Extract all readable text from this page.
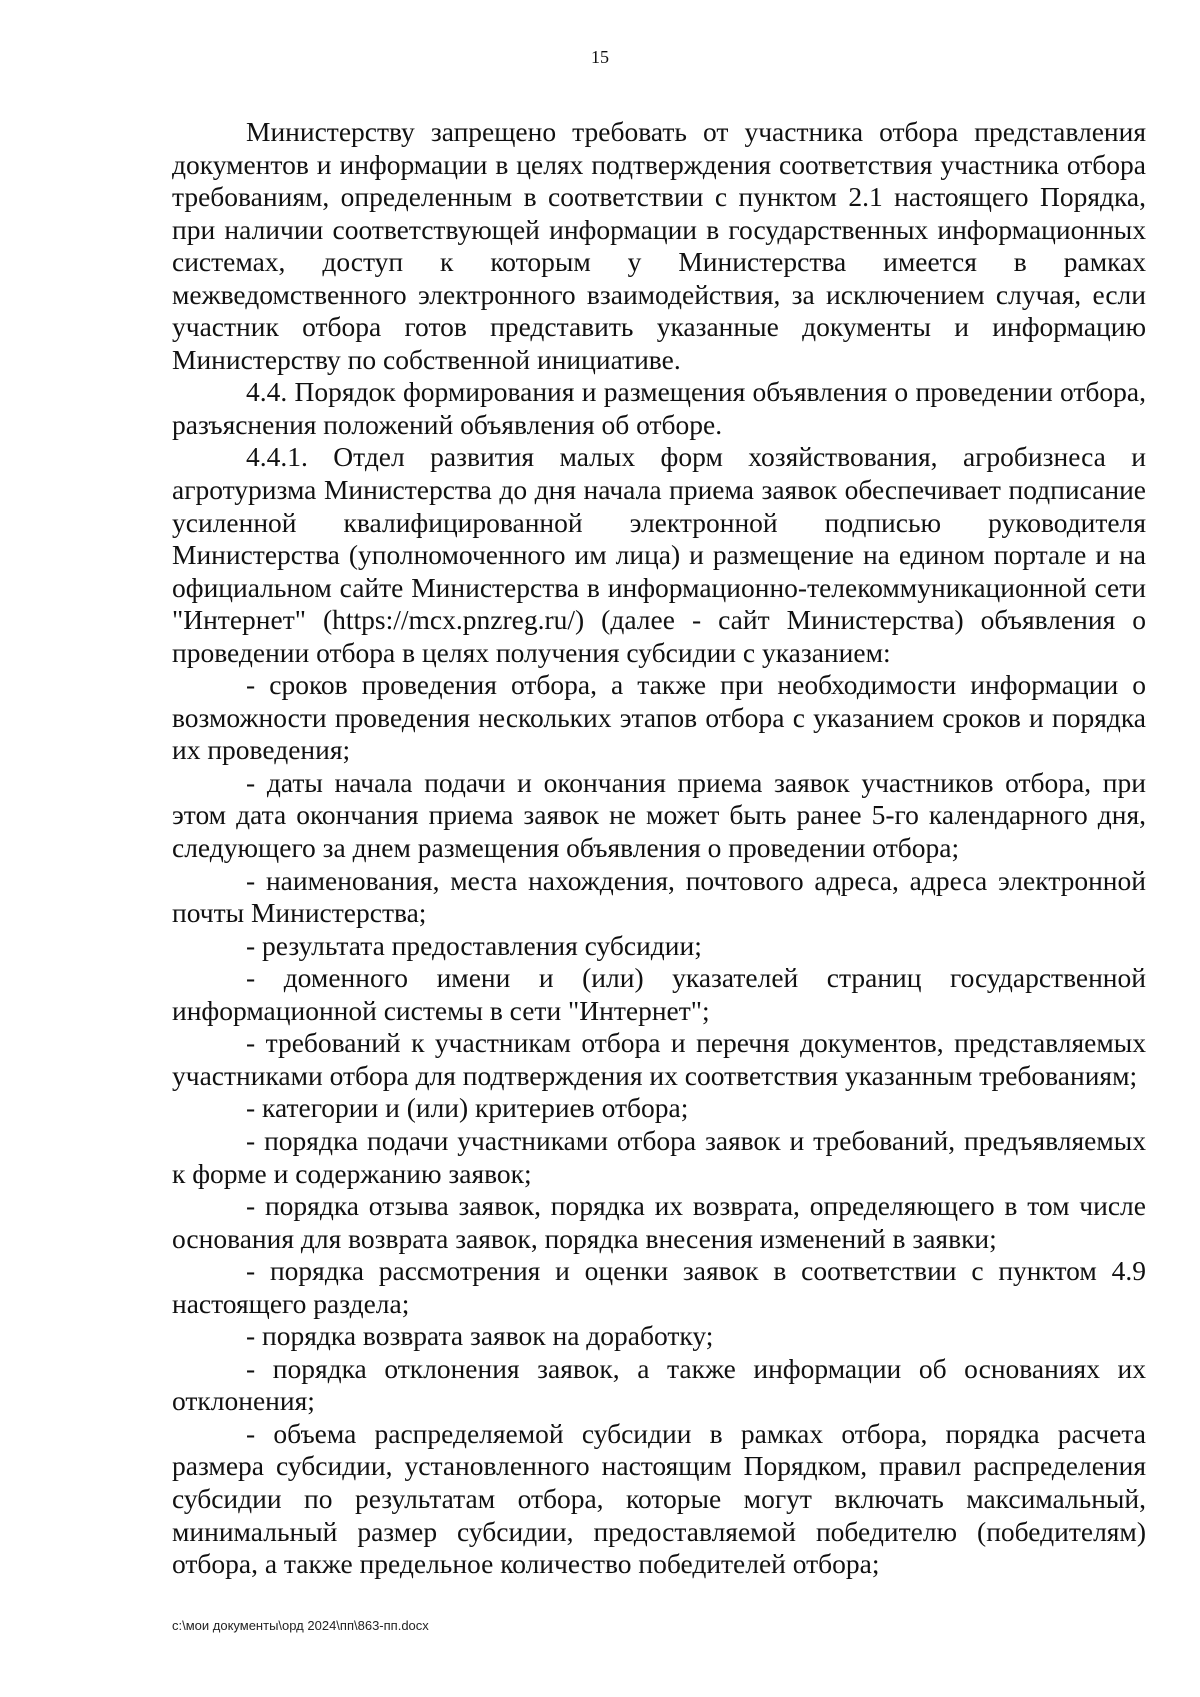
15

Министерству запрещено требовать от участника отбора представления документов и информации в целях подтверждения соответствия участника отбора требованиям, определенным в соответствии с пунктом 2.1 настоящего Порядка, при наличии соответствующей информации в государственных информационных системах, доступ к которым у Министерства имеется в рамках межведомственного электронного взаимодействия, за исключением случая, если участник отбора готов представить указанные документы и информацию Министерству по собственной инициативе.

4.4. Порядок формирования и размещения объявления о проведении отбора, разъяснения положений объявления об отборе.

4.4.1. Отдел развития малых форм хозяйствования, агробизнеса и агротуризма Министерства до дня начала приема заявок обеспечивает подписание усиленной квалифицированной электронной подписью руководителя Министерства (уполномоченного им лица) и размещение на едином портале и на официальном сайте Министерства в информационно-телекоммуникационной сети "Интернет" (https://mcx.pnzreg.ru/) (далее - сайт Министерства) объявления о проведении отбора в целях получения субсидии с указанием:

- сроков проведения отбора, а также при необходимости информации о возможности проведения нескольких этапов отбора с указанием сроков и порядка их проведения;

- даты начала подачи и окончания приема заявок участников отбора, при этом дата окончания приема заявок не может быть ранее 5-го календарного дня, следующего за днем размещения объявления о проведении отбора;

- наименования, места нахождения, почтового адреса, адреса электронной почты Министерства;

- результата предоставления субсидии;

- доменного имени и (или) указателей страниц государственной информационной системы в сети "Интернет";

- требований к участникам отбора и перечня документов, представляемых участниками отбора для подтверждения их соответствия указанным требованиям;

- категории и (или) критериев отбора;

- порядка подачи участниками отбора заявок и требований, предъявляемых к форме и содержанию заявок;

- порядка отзыва заявок, порядка их возврата, определяющего в том числе основания для возврата заявок, порядка внесения изменений в заявки;

- порядка рассмотрения и оценки заявок в соответствии с пунктом 4.9 настоящего раздела;

- порядка возврата заявок на доработку;

- порядка отклонения заявок, а также информации об основаниях их отклонения;

- объема распределяемой субсидии в рамках отбора, порядка расчета размера субсидии, установленного настоящим Порядком, правил распределения субсидии по результатам отбора, которые могут включать максимальный, минимальный размер субсидии, предоставляемой победителю (победителям) отбора, а также предельное количество победителей отбора;

c:\мои документы\орд 2024\пп\863-пп.docx
